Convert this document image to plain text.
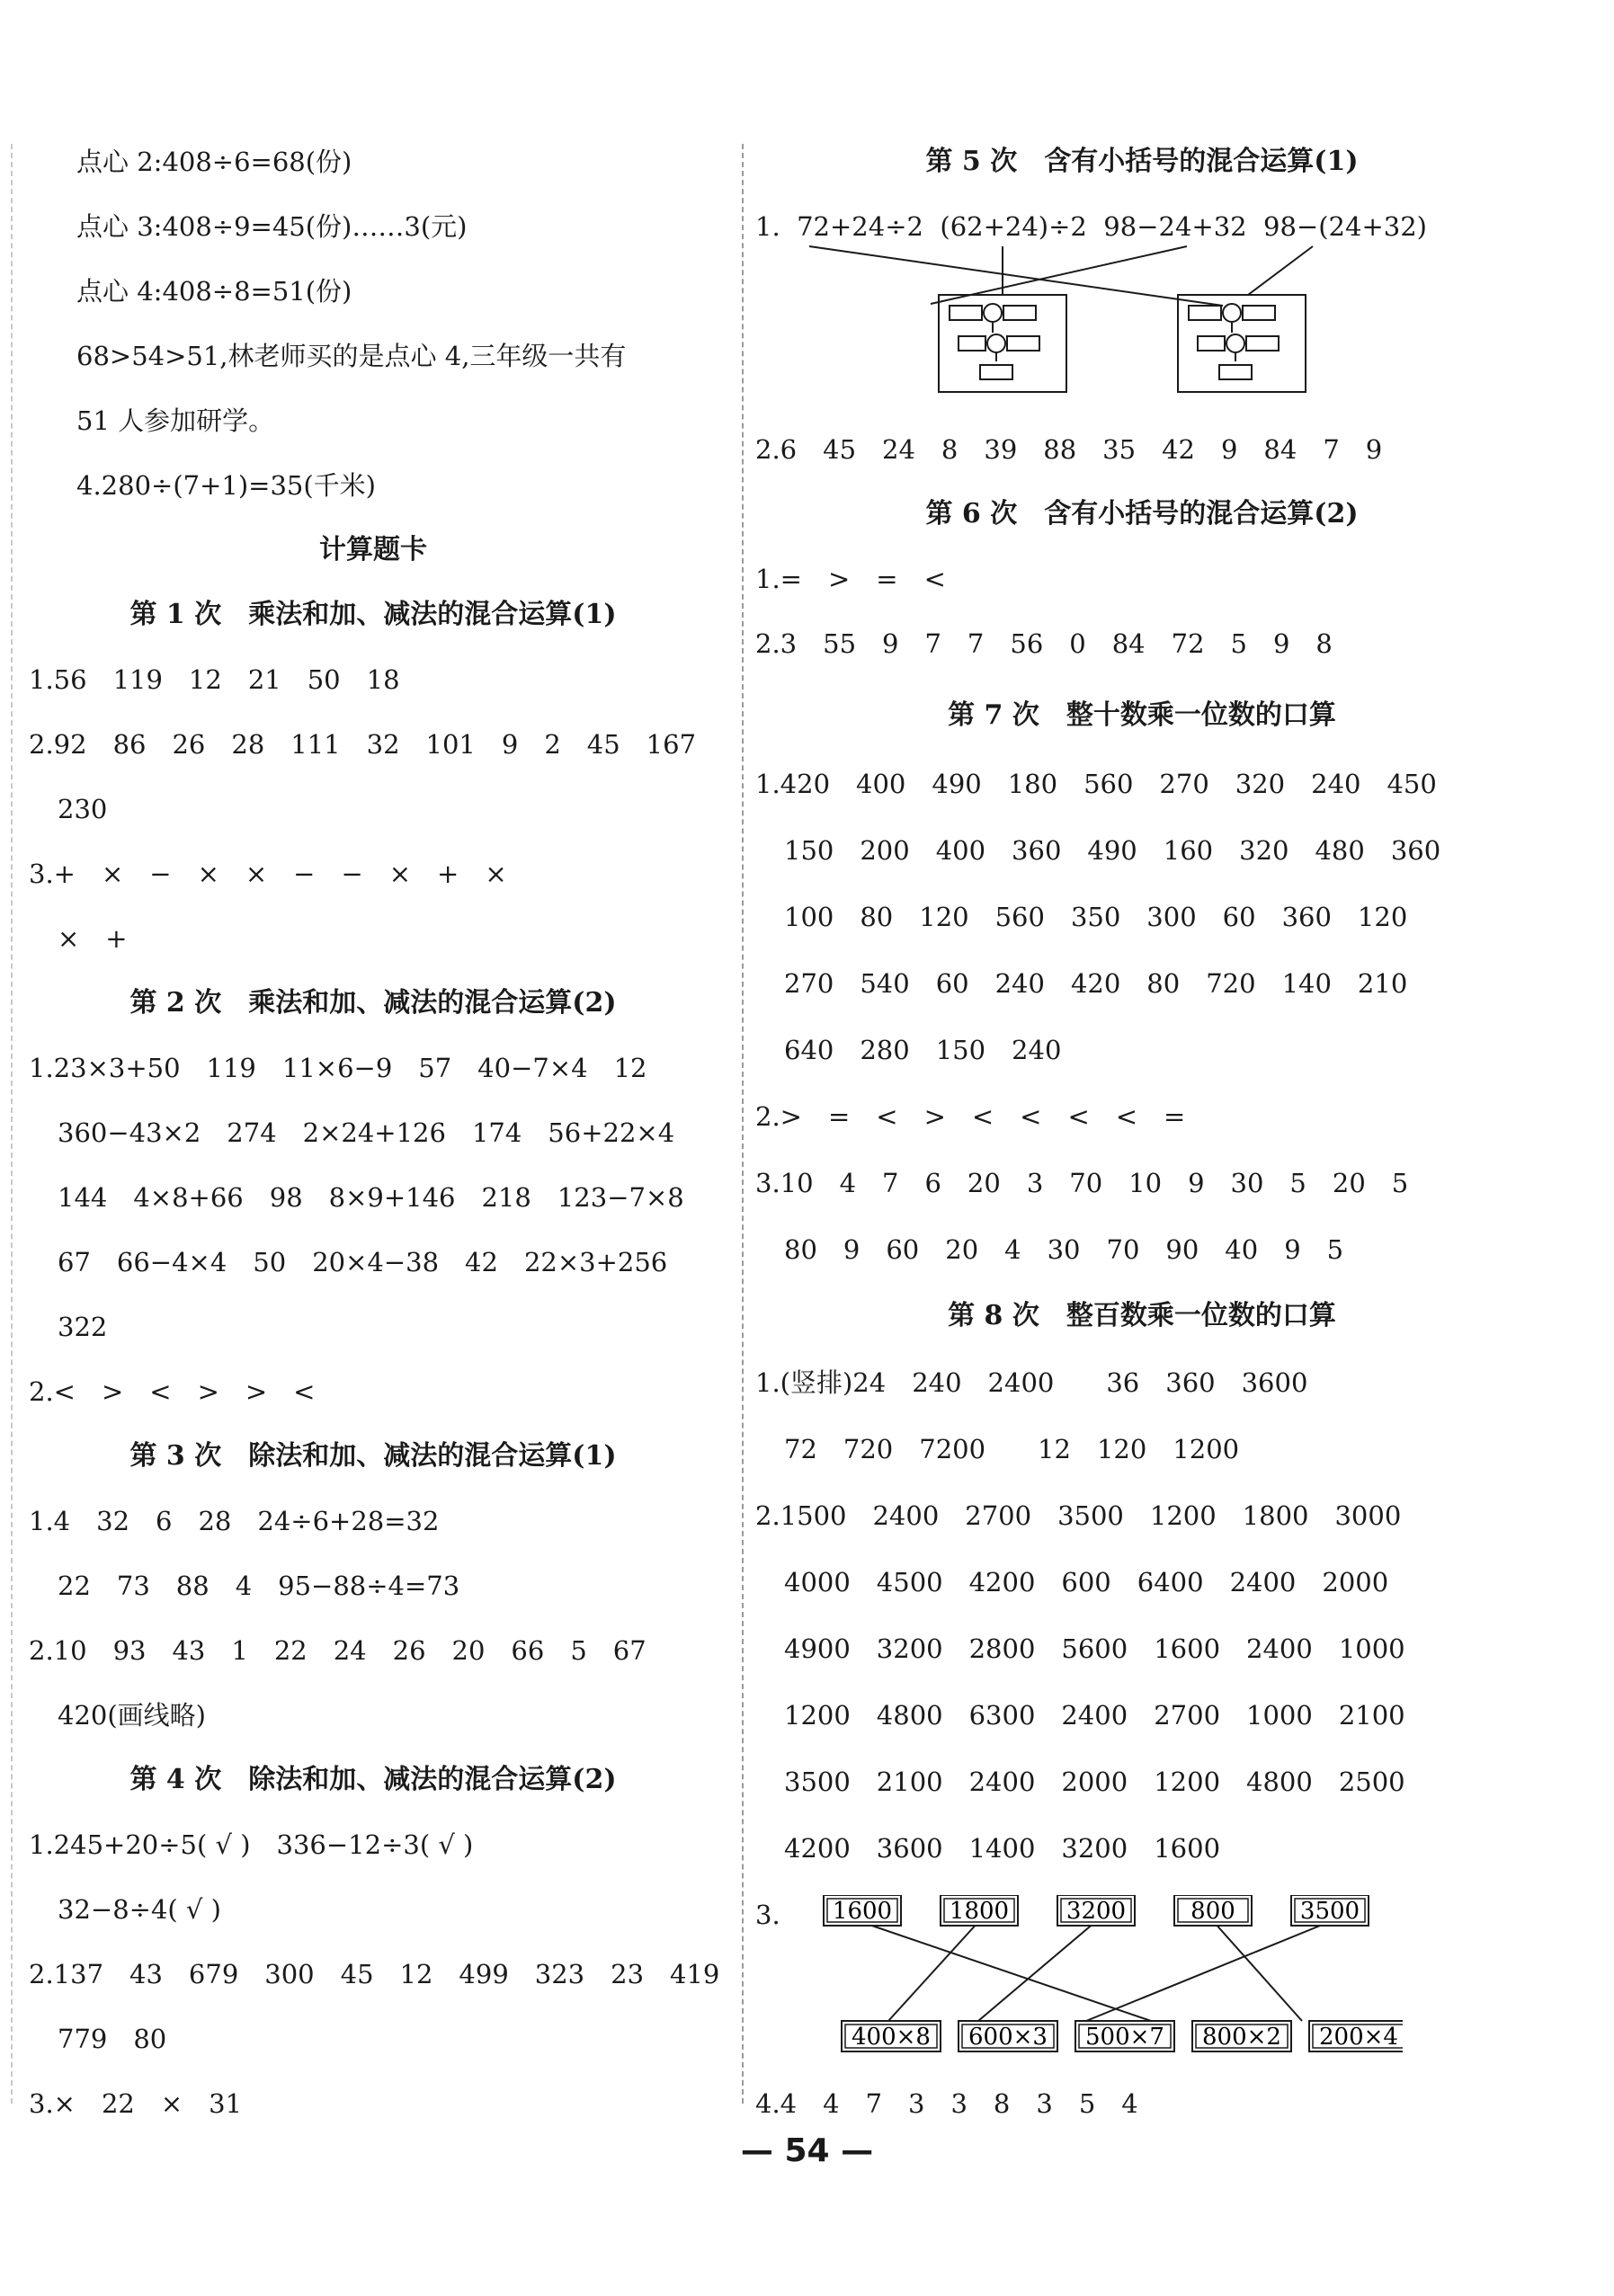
点心 2:408÷6=68(份)
点心 3:408÷9=45(份)……3(元)
点心 4:408÷8=51(份)
68>54>51,林老师买的是点心 4,三年级一共有
51 人参加研学。
4.280÷(7+1)=35(千米)
计算题卡
第 1 次　乘法和加、减法的混合运算(1)
1.56　119　12　21　50　18
2.92　86　26　28　111　32　101　9　2　45　167
230
3.+　×　−　×　×　−　−　×　+　×
×　+
第 2 次　乘法和加、减法的混合运算(2)
1.23×3+50　119　11×6−9　57　40−7×4　12
360−43×2　274　2×24+126　174　56+22×4
144　4×8+66　98　8×9+146　218　123−7×8
67　66−4×4　50　20×4−38　42　22×3+256
322
2.<　>　<　>　>　<
第 3 次　除法和加、减法的混合运算(1)
1.4　32　6　28　24÷6+28=32
22　73　88　4　95−88÷4=73
2.10　93　43　1　22　24　26　20　66　5　67
420(画线略)
第 4 次　除法和加、减法的混合运算(2)
1.245+20÷5( √ )　336−12÷3( √ )
32−8÷4( √ )
2.137　43　679　300　45　12　499　323　23　419
779　80
3.×　22　×　31
第 5 次　含有小括号的混合运算(1)
1.  72+24÷2  (62+24)÷2  98−24+32  98−(24+32)
2.6　45　24　8　39　88　35　42　9　84　7　9
第 6 次　含有小括号的混合运算(2)
1.=　>　=　<
2.3　55　9　7　7　56　0　84　72　5　9　8
第 7 次　整十数乘一位数的口算
1.420　400　490　180　560　270　320　240　450
150　200　400　360　490　160　320　480　360
100　80　120　560　350　300　60　360　120
270　540　60　240　420　80　720　140　210
640　280　150　240
2.>　=　<　>　<　<　<　<　=
3.10　4　7　6　20　3　70　10　9　30　5　20　5
80　9　60　20　4　30　70　90　40　9　5
第 8 次　整百数乘一位数的口算
1.(竖排)24　240　2400　　36　360　3600
72　720　7200　　12　120　1200
2.1500　2400　2700　3500　1200　1800　3000
4000　4500　4200　600　6400　2400　2000
4900　3200　2800　5600　1600　2400　1000
1200　4800　6300　2400　2700　1000　2100
3500　2100　2400　2000　1200　4800　2500
4200　3600　1400　3200　1600
3.
4.4　4　7　3　3　8　3　5　4
1600 1800 3200	800	3500
400×8 600×3 500×7 800×2 200×4
— 54 —
